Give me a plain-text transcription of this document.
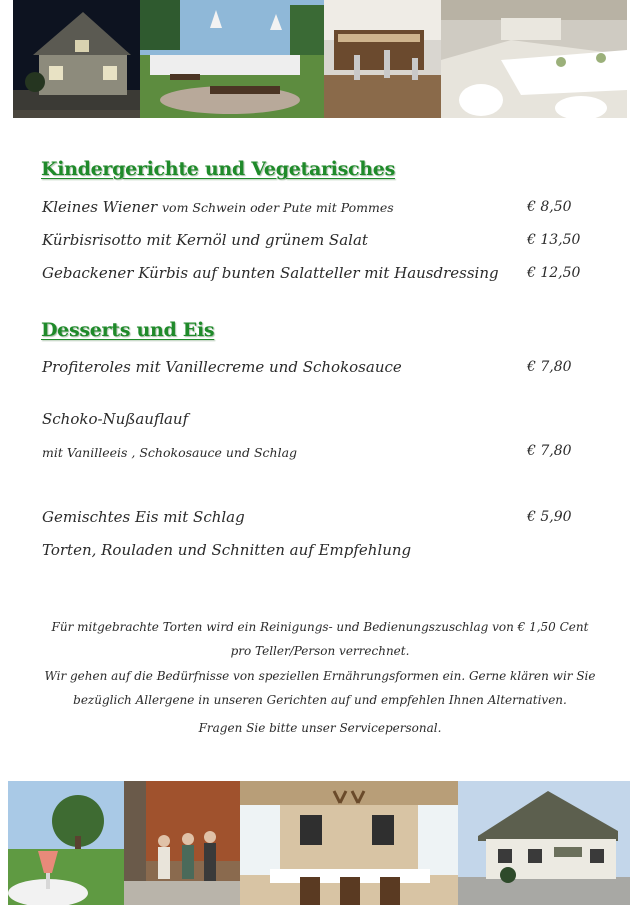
Kindergerichte und Vegetarisches
Kleines Wiener vom Schwein oder Pute mit Pommes	€ 8,50
Kürbisrisotto mit Kernöl und grünem Salat	€ 13,50
Gebackener Kürbis auf bunten Salatteller mit Hausdressing € 12,50
Desserts und Eis
Profiteroles mit Vanillecreme und Schokosauce	€ 7,80
Schoko-Nußauflauf
mit Vanilleeis , Schokosauce und Schlag	€ 7,80
Gemischtes Eis mit Schlag	€ 5,90
Torten, Rouladen und Schnitten auf Empfehlung
Für mitgebrachte Torten wird ein Reinigungs- und Bedienungszuschlag von € 1,50 Cent pro Teller/Person verrechnet.
Wir gehen auf die Bedürfnisse von speziellen Ernährungsformen ein. Gerne klären wir Sie bezüglich Allergene in unseren Gerichten auf und empfehlen Ihnen Alternativen.
Fragen Sie bitte unser Servicepersonal.
